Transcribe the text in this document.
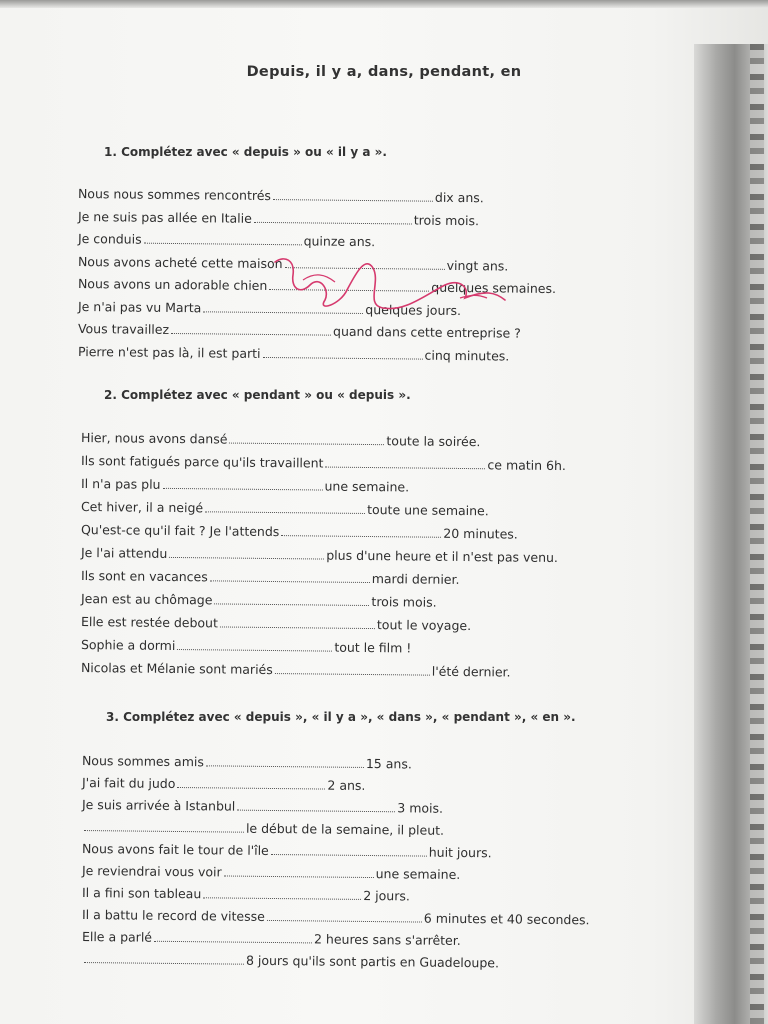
Depuis, il y a, dans, pendant, en
1. Complétez avec « depuis » ou « il y a ».
Nous nous sommes rencontrés	dix ans.
Je ne suis pas allée en Italie	trois mois.
Je conduis	quinze ans.
Nous avons acheté cette maison	vingt ans.
Nous avons un adorable chien	quelques semaines.
Je n'ai pas vu Marta	quelques jours.
Vous travaillez	quand dans cette entreprise ?
Pierre n'est pas là, il est parti	cinq minutes.
2. Complétez avec « pendant » ou « depuis ».
Hier, nous avons dansé	toute la soirée.
Ils sont fatigués parce qu'ils travaillent	ce matin 6h.
Il n'a pas plu	une semaine.
Cet hiver, il a neigé	toute une semaine.
Qu'est-ce qu'il fait ? Je l'attends	20 minutes.
Je l'ai attendu	plus d'une heure et il n'est pas venu.
Ils sont en vacances	mardi dernier.
Jean est au chômage	trois mois.
Elle est restée debout	tout le voyage.
Sophie a dormi	tout le film !
Nicolas et Mélanie sont mariés	l'été dernier.
3. Complétez avec « depuis », « il y a », « dans », « pendant », « en ».
Nous sommes amis	15 ans.
J'ai fait du judo	2 ans.
Je suis arrivée à Istanbul	3 mois.
le début de la semaine, il pleut.
Nous avons fait le tour de l'île	huit jours.
Je reviendrai vous voir	une semaine.
Il a fini son tableau	2 jours.
Il a battu le record de vitesse	6 minutes et 40 secondes.
Elle a parlé	2 heures sans s'arrêter.
8 jours qu'ils sont partis en Guadeloupe.
